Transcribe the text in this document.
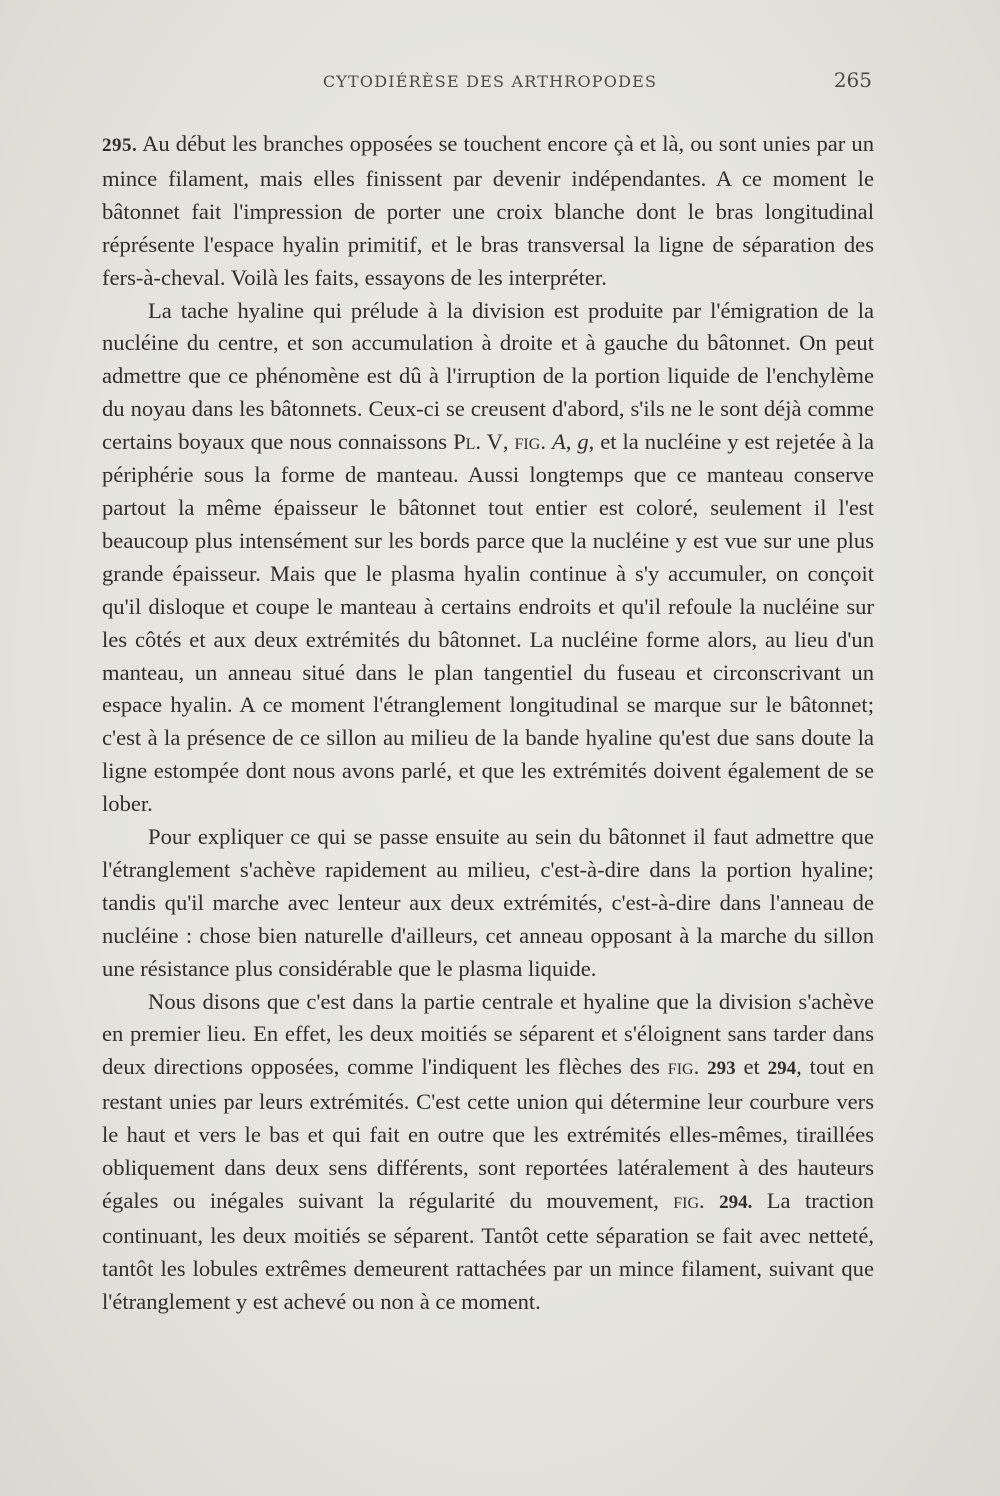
CYTODIÉRÈSE DES ARTHROPODES	265

295. Au début les branches opposées se touchent encore çà et là, ou sont unies par un mince filament, mais elles finissent par devenir indépendantes. A ce moment le bâtonnet fait l'impression de porter une croix blanche dont le bras longitudinal réprésente l'espace hyalin primitif, et le bras transversal la ligne de séparation des fers-à-cheval. Voilà les faits, essayons de les interpréter.

La tache hyaline qui prélude à la division est produite par l'émigration de la nucléine du centre, et son accumulation à droite et à gauche du bâtonnet. On peut admettre que ce phénomène est dû à l'irruption de la portion liquide de l'enchylème du noyau dans les bâtonnets. Ceux-ci se creusent d'abord, s'ils ne le sont déjà comme certains boyaux que nous connaissons Pl. V, fig. A, g, et la nucléine y est rejetée à la périphérie sous la forme de manteau. Aussi longtemps que ce manteau conserve partout la même épaisseur le bâtonnet tout entier est coloré, seulement il l'est beaucoup plus intensément sur les bords parce que la nucléine y est vue sur une plus grande épaisseur. Mais que le plasma hyalin continue à s'y accumuler, on conçoit qu'il disloque et coupe le manteau à certains endroits et qu'il refoule la nucléine sur les côtés et aux deux extrémités du bâtonnet. La nucléine forme alors, au lieu d'un manteau, un anneau situé dans le plan tangentiel du fuseau et circonscrivant un espace hyalin. A ce moment l'étranglement longitudinal se marque sur le bâtonnet; c'est à la présence de ce sillon au milieu de la bande hyaline qu'est due sans doute la ligne estompée dont nous avons parlé, et que les extrémités doivent également de se lober.

Pour expliquer ce qui se passe ensuite au sein du bâtonnet il faut admettre que l'étranglement s'achève rapidement au milieu, c'est-à-dire dans la portion hyaline; tandis qu'il marche avec lenteur aux deux extrémités, c'est-à-dire dans l'anneau de nucléine : chose bien naturelle d'ailleurs, cet anneau opposant à la marche du sillon une résistance plus considérable que le plasma liquide.

Nous disons que c'est dans la partie centrale et hyaline que la division s'achève en premier lieu. En effet, les deux moitiés se séparent et s'éloignent sans tarder dans deux directions opposées, comme l'indiquent les flèches des fig. 293 et 294, tout en restant unies par leurs extrémités. C'est cette union qui détermine leur courbure vers le haut et vers le bas et qui fait en outre que les extrémités elles-mêmes, tiraillées obliquement dans deux sens différents, sont reportées latéralement à des hauteurs égales ou inégales suivant la régularité du mouvement, fig. 294. La traction continuant, les deux moitiés se séparent. Tantôt cette séparation se fait avec netteté, tantôt les lobules extrêmes demeurent rattachées par un mince filament, suivant que l'étranglement y est achevé ou non à ce moment.
